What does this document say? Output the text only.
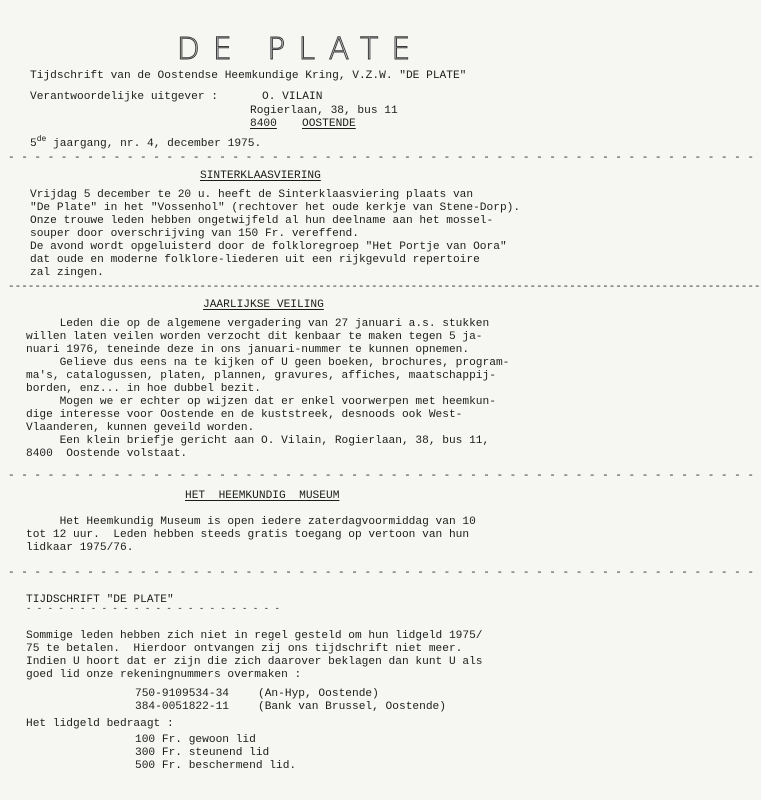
DE PLATE
Tijdschrift van de Oostendse Heemkundige Kring, V.Z.W. "DE PLATE"
Verantwoordelijke uitgever :	O. VILAIN
Rogierlaan, 38, bus 11
8400 OOSTENDE
5de jaargang, nr. 4, december 1975.
- - - - - - - - - - - - - - - - - - - - - - - - - - - - - - - - - - - - - - - - - - - - - - - - - - - - - - - - -
SINTERKLAASVIERING
Vrijdag 5 december te 20 u. heeft de Sinterklaasviering plaats van
"De Plate" in het "Vossenhol" (rechtover het oude kerkje van Stene-Dorp).
Onze trouwe leden hebben ongetwijfeld al hun deelname aan het mossel-
souper door overschrijving van 150 Fr. vereffend.
De avond wordt opgeluisterd door de folkloregroep "Het Portje van Oora"
dat oude en moderne folklore-liederen uit een rijkgevuld repertoire
zal zingen.
------------------------------------------------------------------------------------------------------------------
JAARLIJKSE VEILING
Leden die op de algemene vergadering van 27 januari a.s. stukken
willen laten veilen worden verzocht dit kenbaar te maken tegen 5 ja-
nuari 1976, teneinde deze in ons januari-nummer te kunnen opnemen.
Gelieve dus eens na te kijken of U geen boeken, brochures, program-
ma's, catalogussen, platen, plannen, gravures, affiches, maatschappij-
borden, enz... in hoe dubbel bezit.
Mogen we er echter op wijzen dat er enkel voorwerpen met heemkun-
dige interesse voor Oostende en de kuststreek, desnoods ook West-
Vlaanderen, kunnen geveild worden.
Een klein briefje gericht aan O. Vilain, Rogierlaan, 38, bus 11,
8400  Oostende volstaat.
- - - - - - - - - - - - - - - - - - - - - - - - - - - - - - - - - - - - - - - - - - - - - - - - - - - - - - - - -
HET  HEEMKUNDIG  MUSEUM
Het Heemkundig Museum is open iedere zaterdagvoormiddag van 10
tot 12 uur.  Leden hebben steeds gratis toegang op vertoon van hun
lidkaar 1975/76.
- - - - - - - - - - - - - - - - - - - - - - - - - - - - - - - - - - - - - - - - - - - - - - - - - - - - - - - - -
TIJDSCHRIFT "DE PLATE"
- - - - - - - - - - - - - - - - - - - - - - - -
Sommige leden hebben zich niet in regel gesteld om hun lidgeld 1975/
75 te betalen.  Hierdoor ontvangen zij ons tijdschrift niet meer.
Indien U hoort dat er zijn die zich daarover beklagen dan kunt U als
goed lid onze rekeningnummers overmaken :
750-9109534-34	(An-Hyp, Oostende)
384-0051822-11	(Bank van Brussel, Oostende)
Het lidgeld bedraagt :
100 Fr. gewoon lid
300 Fr. steunend lid
500 Fr. beschermend lid.
